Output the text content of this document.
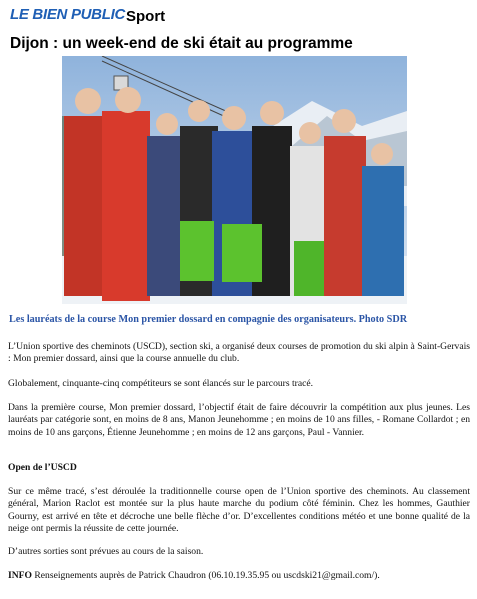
LE BIEN PUBLIC Sport
Dijon : un week-end de ski était au programme
Les lauréats de la course Mon premier dossard en compagnie des organisateurs. Photo SDR

L’Union sportive des cheminots (USCD), section ski, a organisé deux courses de promotion du ski alpin à Saint-Gervais : Mon premier dossard, ainsi que la course annuelle du club.

Globalement, cinquante-cinq compétiteurs se sont élancés sur le parcours tracé.

Dans la première course, Mon premier dossard, l’objectif était de faire découvrir la compétition aux plus jeunes. Les lauréats par catégorie sont, en moins de 8 ans, Manon Jeunehomme ; en moins de 10 ans filles, - Romane Collardot ; en moins de 10 ans garçons, Étienne Jeunehomme ; en moins de 12 ans garçons, Paul - Vannier.

Open de l’USCD

Sur ce même tracé, s’est déroulée la traditionnelle course open de l’Union sportive des cheminots. Au classement général, Marion Raclot est montée sur la plus haute marche du podium côté féminin. Chez les hommes, Gauthier Gourny, est arrivé en tête et décroche une belle flèche d’or. D’excellentes conditions météo et une bonne qualité de la neige ont permis la réussite de cette journée.

D’autres sorties sont prévues au cours de la saison.

INFO Renseignements auprès de Patrick Chaudron (06.10.19.35.95 ou uscdski21@gmail.com/).
